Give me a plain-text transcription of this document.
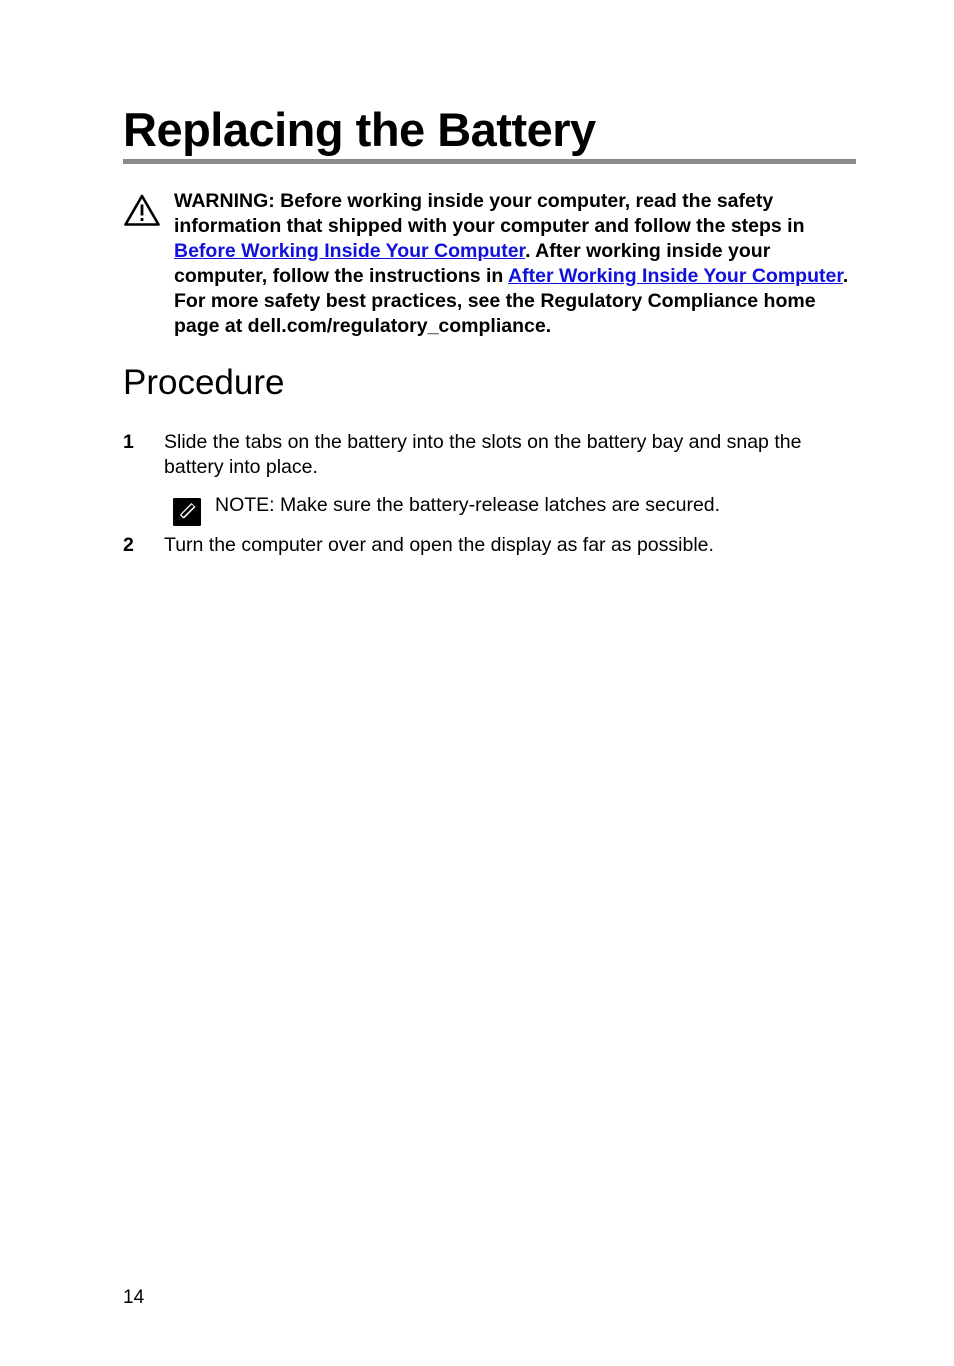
Replacing the Battery

WARNING: Before working inside your computer, read the safety information that shipped with your computer and follow the steps in Before Working Inside Your Computer. After working inside your computer, follow the instructions in After Working Inside Your Computer. For more safety best practices, see the Regulatory Compliance home page at dell.com/regulatory_compliance.

Procedure
1 Slide the tabs on the battery into the slots on the battery bay and snap the battery into place.

NOTE: Make sure the battery-release latches are secured.

2 Turn the computer over and open the display as far as possible.

14
